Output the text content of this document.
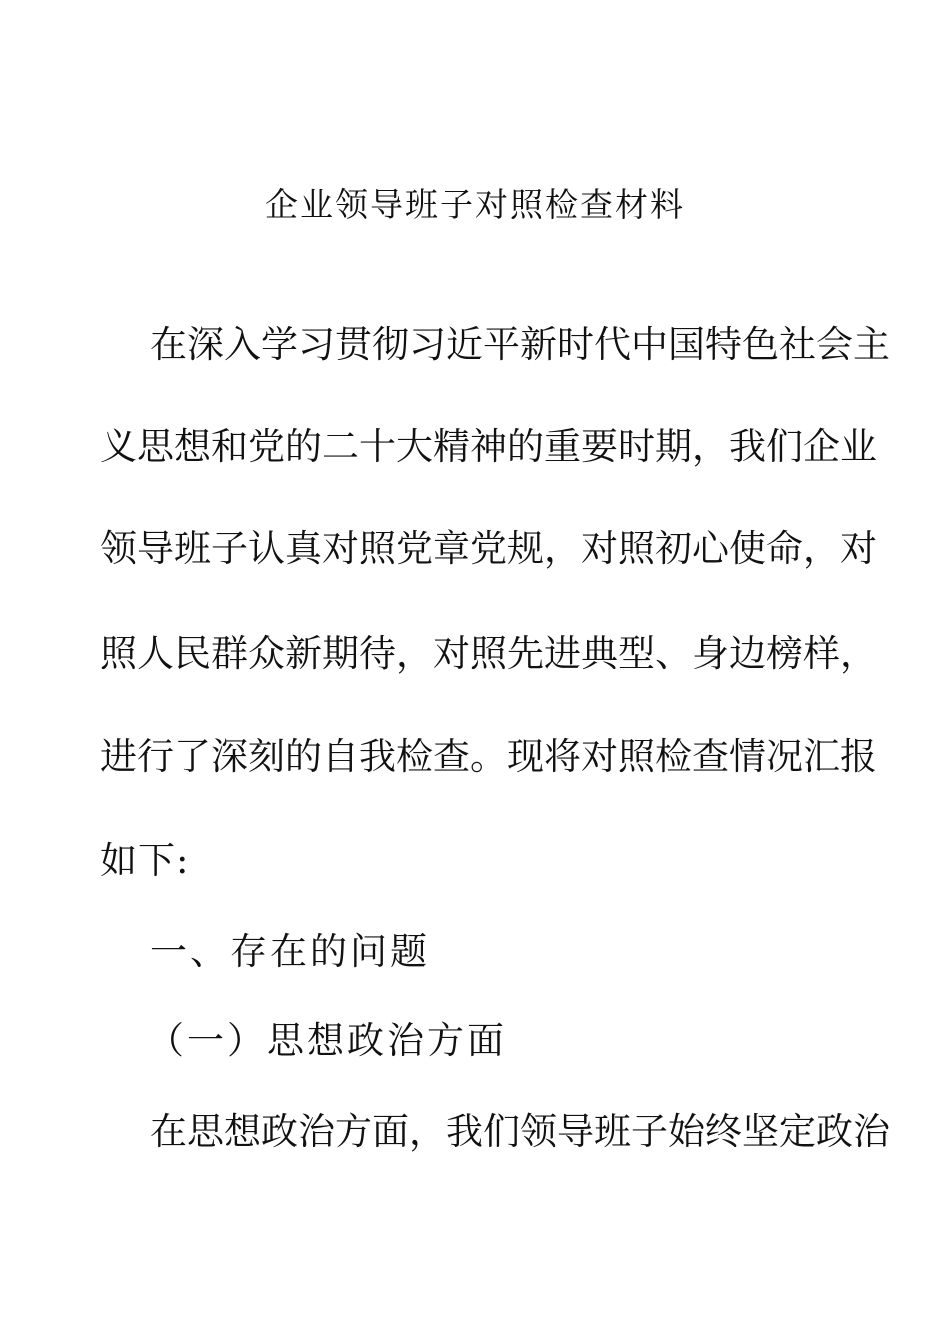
企业领导班子对照检查材料
在 深 入 学 习 贯 彻 习 近 平 新 时 代 中 国 特 色 社 会 主
义 思 想 和 党 的 二 十 大 精 神 的 重 要 时 期 ， 我 们 企 业
领 导 班 子 认 真 对 照 党 章 党 规 ， 对 照 初 心 使 命 ， 对
照 人 民 群 众 新 期 待 ， 对 照 先 进 典 型 、 身 边 榜 样 ，
进 行 了 深 刻 的 自 我 检 查 。 现 将 对 照 检 查 情 况 汇 报
如下:
一、存在的问题
（一）思想政治方面
在 思 想 政 治 方 面 ， 我 们 领 导 班 子 始 终 坚 定 政 治
